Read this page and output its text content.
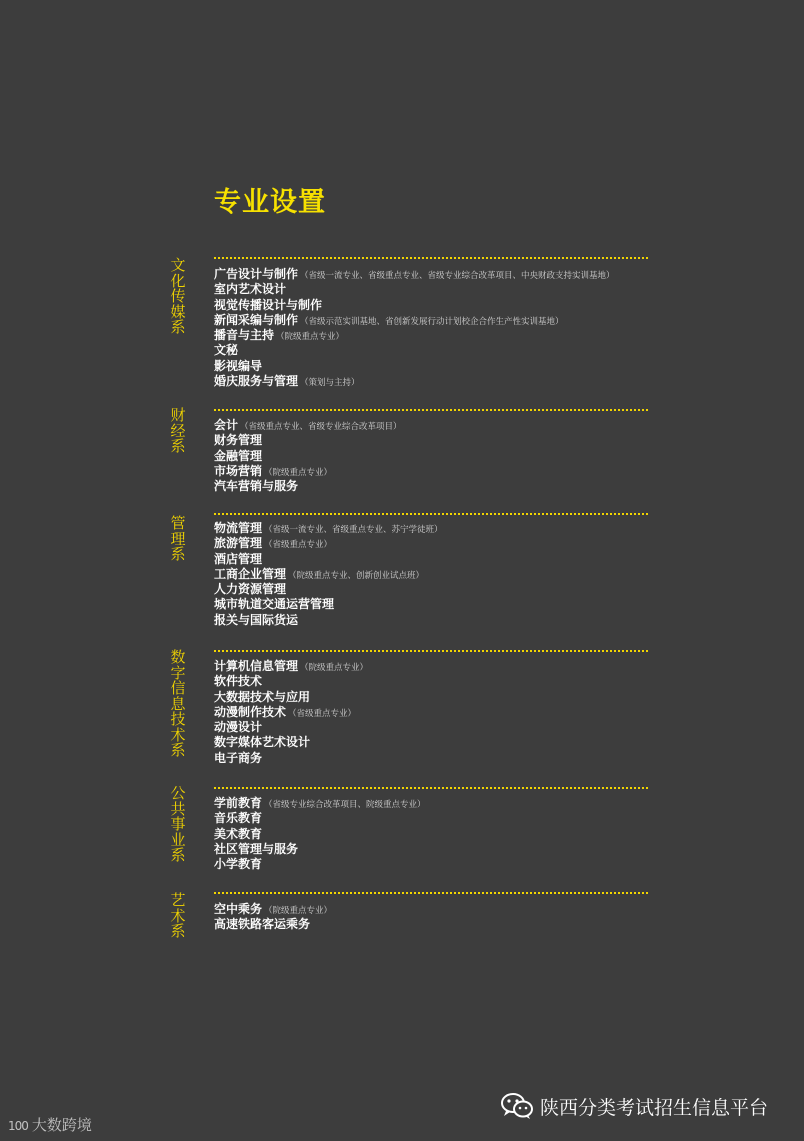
专业设置
文化传媒系
广告设计与制作 （省级一流专业、省级重点专业、省级专业综合改革项目、中央财政支持实训基地）
室内艺术设计
视觉传播设计与制作
新闻采编与制作 （省级示范实训基地、省创新发展行动计划校企合作生产性实训基地）
播音与主持 （院级重点专业）
文秘
影视编导
婚庆服务与管理 （策划与主持）
财经系
会计 （省级重点专业、省级专业综合改革项目）
财务管理
金融管理
市场营销 （院级重点专业）
汽车营销与服务
管理系
物流管理 （省级一流专业、省级重点专业、苏宁学徒班）
旅游管理 （省级重点专业）
酒店管理
工商企业管理 （院级重点专业、创新创业试点班）
人力资源管理
城市轨道交通运营管理
报关与国际货运
数字信息技术系
计算机信息管理 （院级重点专业）
软件技术
大数据技术与应用
动漫制作技术 （省级重点专业）
动漫设计
数字媒体艺术设计
电子商务
公共事业系
学前教育 （省级专业综合改革项目、院级重点专业）
音乐教育
美术教育
社区管理与服务
小学教育
艺术系
空中乘务 （院级重点专业）
高速铁路客运乘务
100 大数跨境
陕西分类考试招生信息平台
